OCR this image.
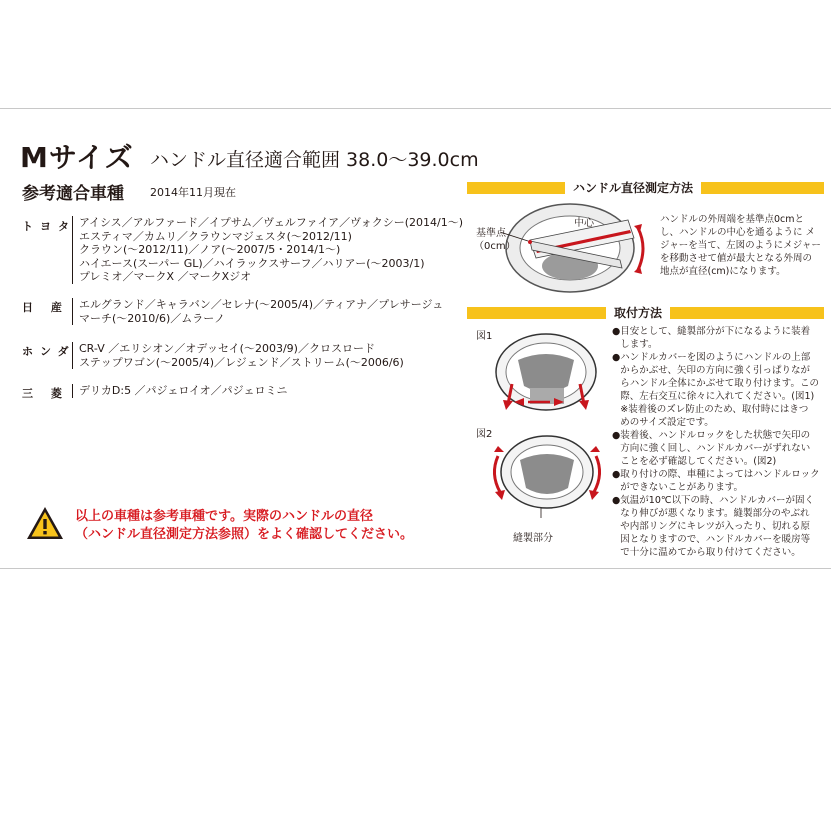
Mサイズ ハンドル直径適合範囲 38.0〜39.0cm
参考適合車種 2014年11月現在
トヨタ アイシス／アルファード／イプサム／ヴェルファイア／ヴォクシー(2014/1〜)
エスティマ／カムリ／クラウンマジェスタ(〜2012/11)
クラウン(〜2012/11)／ノア(〜2007/5・2014/1〜)
ハイエース(スーパー GL)／ハイラックスサーフ／ハリアー(〜2003/1)
プレミオ／マークX ／マークXジオ
日 産 エルグランド／キャラバン／セレナ(〜2005/4)／ティアナ／プレサージュ
マーチ(〜2010/6)／ムラーノ
ホンダ CR-V ／エリシオン／オデッセイ(〜2003/9)／クロスロード
ステップワゴン(〜2005/4)／レジェンド／ストリーム(〜2006/6)
三 菱 デリカD:5 ／パジェロイオ／パジェロミニ
以上の車種は参考車種です。実際のハンドルの直径
（ハンドル直径測定方法参照）をよく確認してください。
ハンドル直径測定方法
基準点
（0cm）
中心	ハンドルの外周端を基準点0cmと
し、ハンドルの中心を通るように メ
ジャーを当て、左図のようにメジャー
を移動させて値が最大となる外周の
地点が直径(cm)になります。
取付方法
図1
図2
縫製部分
● 目安として、縫製部分が下になるように装着
します。
● ハンドルカバーを図のようにハンドルの上部
からかぶせ、矢印の方向に強く引っぱりなが
らハンドル全体にかぶせて取り付けます。この
際、左右交互に徐々に入れてください。(図1)
※装着後のズレ防止のため、取付時にはきつ
めのサイズ設定です。
● 装着後、ハンドルロックをした状態で矢印の
方向に強く回し、ハンドルカバーがずれない
ことを必ず確認してください。(図2)
● 取り付けの際、車種によってはハンドルロック
ができないことがあります。
● 気温が10℃以下の時、ハンドルカバーが固く
なり伸びが悪くなります。縫製部分のやぶれ
や内部リングにキレツが入ったり、切れる原
因となりますので、ハンドルカバーを暖房等
で十分に温めてから取り付けてください。
